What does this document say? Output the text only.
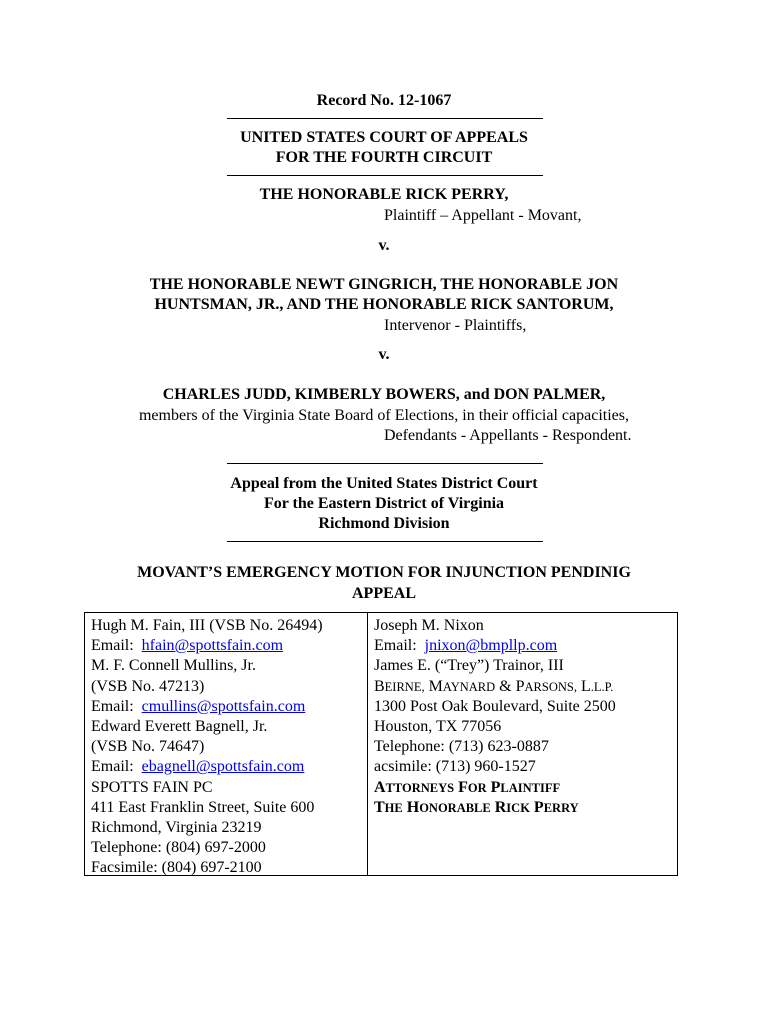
Record No. 12-1067
UNITED STATES COURT OF APPEALS
FOR THE FOURTH CIRCUIT
THE HONORABLE RICK PERRY,
Plaintiff – Appellant - Movant,
v.
THE HONORABLE NEWT GINGRICH, THE HONORABLE JON
HUNTSMAN, JR., AND THE HONORABLE RICK SANTORUM,
Intervenor - Plaintiffs,
v.
CHARLES JUDD, KIMBERLY BOWERS, and DON PALMER,
members of the Virginia State Board of Elections, in their official capacities,
Defendants - Appellants - Respondent.
Appeal from the United States District Court
For the Eastern District of Virginia
Richmond Division
MOVANT’S EMERGENCY MOTION FOR INJUNCTION PENDINIG
APPEAL
Hugh M. Fain, III (VSB No. 26494)
Email: hfain@spottsfain.com
M. F. Connell Mullins, Jr.
(VSB No. 47213)
Email: cmullins@spottsfain.com
Edward Everett Bagnell, Jr.
(VSB No. 74647)
Email: ebagnell@spottsfain.com
SPOTTS FAIN PC
411 East Franklin Street, Suite 600
Richmond, Virginia 23219
Telephone: (804) 697-2000
Facsimile: (804) 697-2100
Joseph M. Nixon
Email: jnixon@bmpllp.com
James E. (“Trey”) Trainor, III
BEIRNE, MAYNARD & PARSONS, L.L.P.
1300 Post Oak Boulevard, Suite 2500
Houston, TX 77056
Telephone: (713) 623-0887
acsimile: (713) 960-1527
ATTORNEYS FOR PLAINTIFF
THE HONORABLE RICK PERRY
